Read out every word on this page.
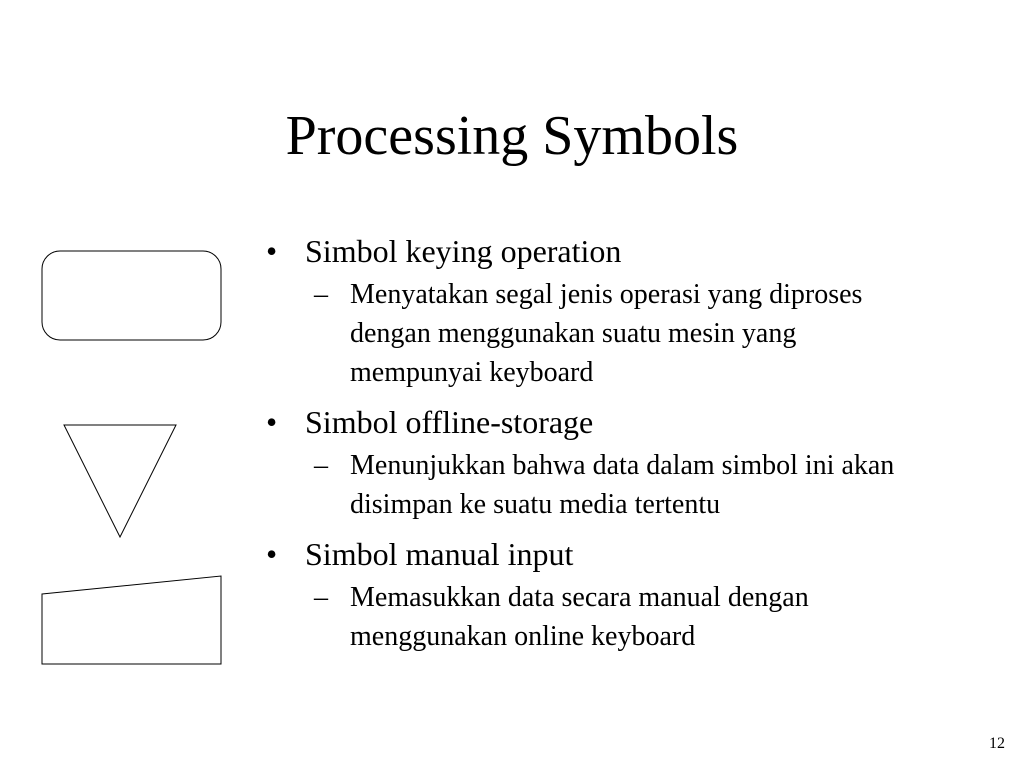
Processing Symbols
• Simbol keying operation
– Menyatakan segal jenis operasi yang diproses dengan menggunakan suatu mesin yang mempunyai keyboard
• Simbol offline-storage
– Menunjukkan bahwa data dalam simbol ini akan disimpan ke suatu media tertentu
• Simbol manual input
– Memasukkan data secara manual dengan menggunakan online keyboard
12
